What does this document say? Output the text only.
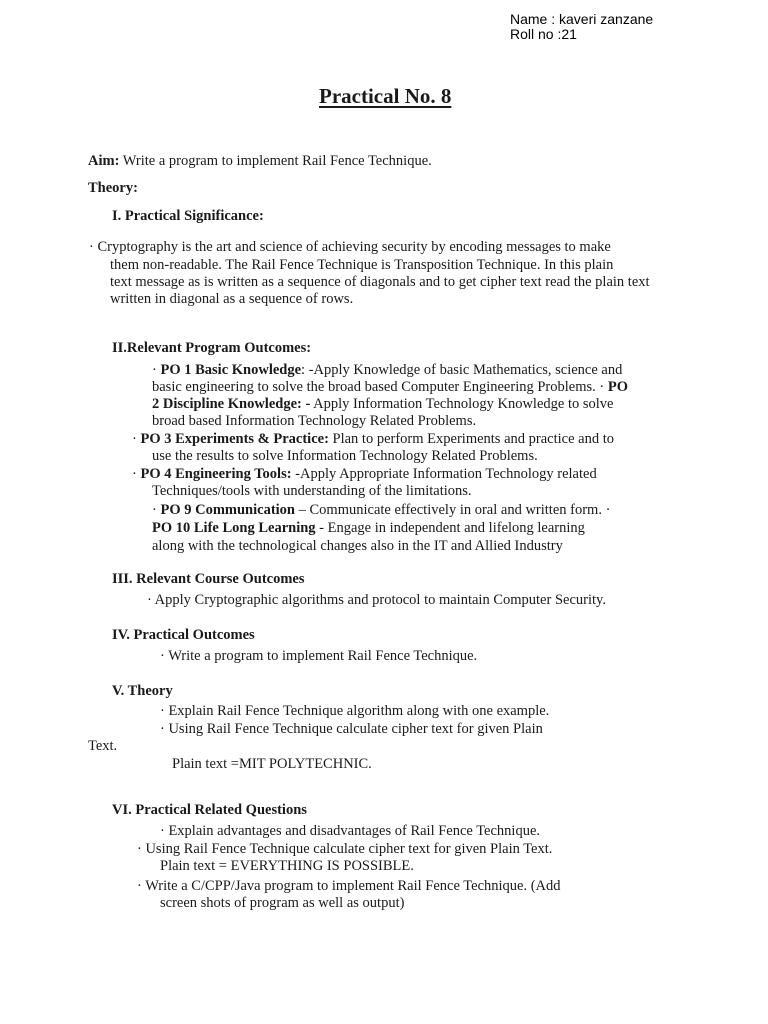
Name : kaveri zanzane
Roll no :21
Practical No. 8
Aim: Write a program to implement Rail Fence Technique.
Theory:
I. Practical Significance:
· Cryptography is the art and science of achieving security by encoding messages to make
them non-readable. The Rail Fence Technique is Transposition Technique. In this plain
text message as is written as a sequence of diagonals and to get cipher text read the plain text
written in diagonal as a sequence of rows.
II.Relevant Program Outcomes:
· PO 1 Basic Knowledge: -Apply Knowledge of basic Mathematics, science and
basic engineering to solve the broad based Computer Engineering Problems. · PO
2 Discipline Knowledge: - Apply Information Technology Knowledge to solve
broad based Information Technology Related Problems.
· PO 3 Experiments & Practice: Plan to perform Experiments and practice and to
use the results to solve Information Technology Related Problems.
· PO 4 Engineering Tools: -Apply Appropriate Information Technology related
Techniques/tools with understanding of the limitations.
· PO 9 Communication – Communicate effectively in oral and written form. ·
PO 10 Life Long Learning - Engage in independent and lifelong learning
along with the technological changes also in the IT and Allied Industry
III. Relevant Course Outcomes
· Apply Cryptographic algorithms and protocol to maintain Computer Security.
IV. Practical Outcomes
· Write a program to implement Rail Fence Technique.
V. Theory
· Explain Rail Fence Technique algorithm along with one example.
· Using Rail Fence Technique calculate cipher text for given Plain
Text.
Plain text =MIT POLYTECHNIC.
VI. Practical Related Questions
· Explain advantages and disadvantages of Rail Fence Technique.
· Using Rail Fence Technique calculate cipher text for given Plain Text.
Plain text = EVERYTHING IS POSSIBLE.
· Write a C/CPP/Java program to implement Rail Fence Technique. (Add
screen shots of program as well as output)
